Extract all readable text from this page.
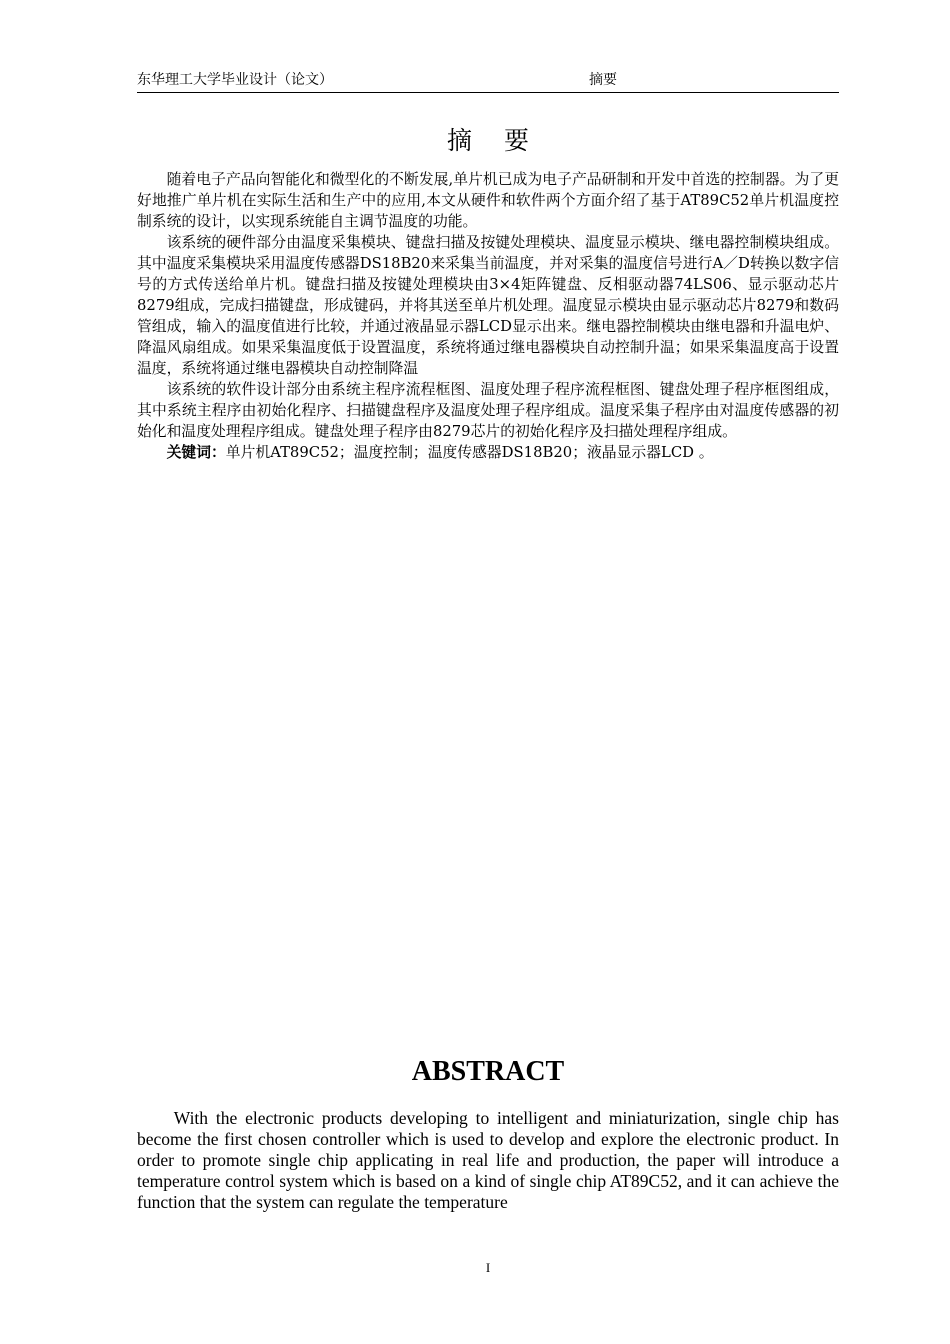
东华理工大学毕业设计（论文）	摘要
摘要

随着电子产品向智能化和微型化的不断发展,单片机已成为电子产品研制和开发中首选的控制器。为了更好地推广单片机在实际生活和生产中的应用,本文从硬件和软件两个方面介绍了基于AT89C52单片机温度控制系统的设计，以实现系统能自主调节温度的功能。

该系统的硬件部分由温度采集模块、键盘扫描及按键处理模块、温度显示模块、继电器控制模块组成。其中温度采集模块采用温度传感器DS18B20来采集当前温度，并对采集的温度信号进行A／D转换以数字信号的方式传送给单片机。键盘扫描及按键处理模块由3×4矩阵键盘、反相驱动器74LS06、显示驱动芯片8279组成，完成扫描键盘，形成键码，并将其送至单片机处理。温度显示模块由显示驱动芯片8279和数码管组成，输入的温度值进行比较，并通过液晶显示器LCD显示出来。继电器控制模块由继电器和升温电炉、降温风扇组成。如果采集温度低于设置温度，系统将通过继电器模块自动控制升温；如果采集温度高于设置温度，系统将通过继电器模块自动控制降温

该系统的软件设计部分由系统主程序流程框图、温度处理子程序流程框图、键盘处理子程序框图组成，其中系统主程序由初始化程序、扫描键盘程序及温度处理子程序组成。温度采集子程序由对温度传感器的初始化和温度处理程序组成。键盘处理子程序由8279芯片的初始化程序及扫描处理程序组成。

关键词：单片机AT89C52；温度控制；温度传感器DS18B20；液晶显示器LCD 。

ABSTRACT

With the electronic products developing to intelligent and miniaturization, single chip has become the first chosen controller which is used to develop and explore the electronic product. In order to promote single chip applicating in real life and production, the paper will introduce a temperature control system which is based on a kind of single chip AT89C52, and it can achieve the function that the system can regulate the temperature

I
